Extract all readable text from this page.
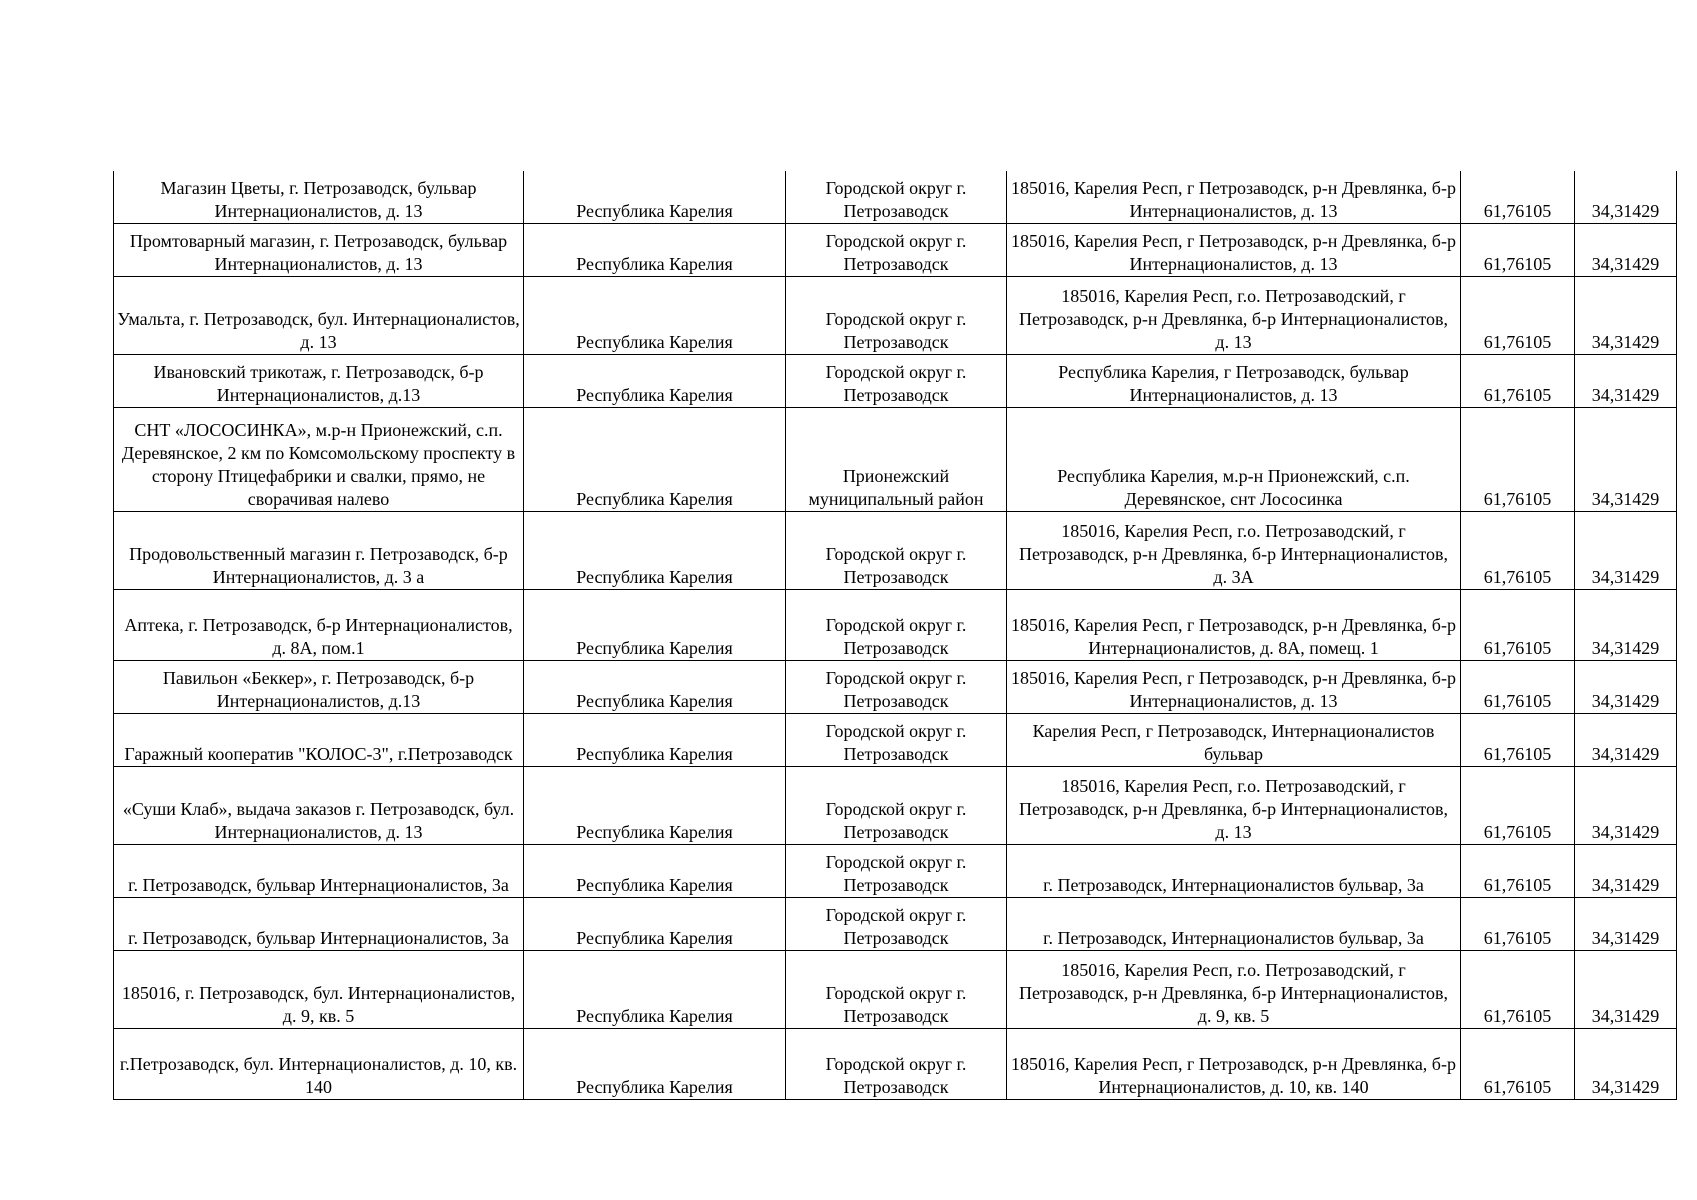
Магазин Цветы, г. Петрозаводск, бульвар Интернационалистов, д. 13	Республика Карелия	Городской округ г. Петрозаводск	185016, Карелия Респ, г Петрозаводск, р-н Древлянка, б-р Интернационалистов, д. 13	61,76105	34,31429
Промтоварный магазин, г. Петрозаводск, бульвар Интернационалистов, д. 13	Республика Карелия	Городской округ г. Петрозаводск	185016, Карелия Респ, г Петрозаводск, р-н Древлянка, б-р Интернационалистов, д. 13	61,76105	34,31429
Умальта, г. Петрозаводск, бул. Интернационалистов, д. 13	Республика Карелия	Городской округ г. Петрозаводск	185016, Карелия Респ, г.о. Петрозаводский, г Петрозаводск, р-н Древлянка, б-р Интернационалистов, д. 13	61,76105	34,31429
Ивановский трикотаж, г. Петрозаводск, б-р Интернационалистов, д.13	Республика Карелия	Городской округ г. Петрозаводск	Республика Карелия, г Петрозаводск, бульвар Интернационалистов, д. 13	61,76105	34,31429
СНТ «ЛОСОСИНКА», м.р-н Прионежский, с.п. Деревянское, 2 км по Комсомольскому проспекту в сторону Птицефабрики и свалки, прямо, не сворачивая налево	Республика Карелия	Прионежский муниципальный район	Республика Карелия, м.р-н Прионежский, с.п. Деревянское, снт Лососинка	61,76105	34,31429
Продовольственный магазин г. Петрозаводск, б-р Интернационалистов, д. 3 а	Республика Карелия	Городской округ г. Петрозаводск	185016, Карелия Респ, г.о. Петрозаводский, г Петрозаводск, р-н Древлянка, б-р Интернационалистов, д. 3А	61,76105	34,31429
Аптека, г. Петрозаводск, б-р Интернационалистов, д. 8А, пом.1	Республика Карелия	Городской округ г. Петрозаводск	185016, Карелия Респ, г Петрозаводск, р-н Древлянка, б-р Интернационалистов, д. 8А, помещ. 1	61,76105	34,31429
Павильон «Беккер», г. Петрозаводск, б-р Интернационалистов, д.13	Республика Карелия	Городской округ г. Петрозаводск	185016, Карелия Респ, г Петрозаводск, р-н Древлянка, б-р Интернационалистов, д. 13	61,76105	34,31429
Гаражный кооператив "КОЛОС-3", г.Петрозаводск	Республика Карелия	Городской округ г. Петрозаводск	Карелия Респ, г Петрозаводск, Интернационалистов бульвар	61,76105	34,31429
«Суши Клаб», выдача заказов г. Петрозаводск, бул. Интернационалистов, д. 13	Республика Карелия	Городской округ г. Петрозаводск	185016, Карелия Респ, г.о. Петрозаводский, г Петрозаводск, р-н Древлянка, б-р Интернационалистов, д. 13	61,76105	34,31429
г. Петрозаводск, бульвар Интернационалистов, 3а	Республика Карелия	Городской округ г. Петрозаводск	г. Петрозаводск, Интернационалистов бульвар, 3а	61,76105	34,31429
г. Петрозаводск, бульвар Интернационалистов, 3а	Республика Карелия	Городской округ г. Петрозаводск	г. Петрозаводск, Интернационалистов бульвар, 3а	61,76105	34,31429
185016, г. Петрозаводск, бул. Интернационалистов, д. 9, кв. 5	Республика Карелия	Городской округ г. Петрозаводск	185016, Карелия Респ, г.о. Петрозаводский, г Петрозаводск, р-н Древлянка, б-р Интернационалистов, д. 9, кв. 5	61,76105	34,31429
г.Петрозаводск, бул. Интернационалистов, д. 10, кв. 140	Республика Карелия	Городской округ г. Петрозаводск	185016, Карелия Респ, г Петрозаводск, р-н Древлянка, б-р Интернационалистов, д. 10, кв. 140	61,76105	34,31429
